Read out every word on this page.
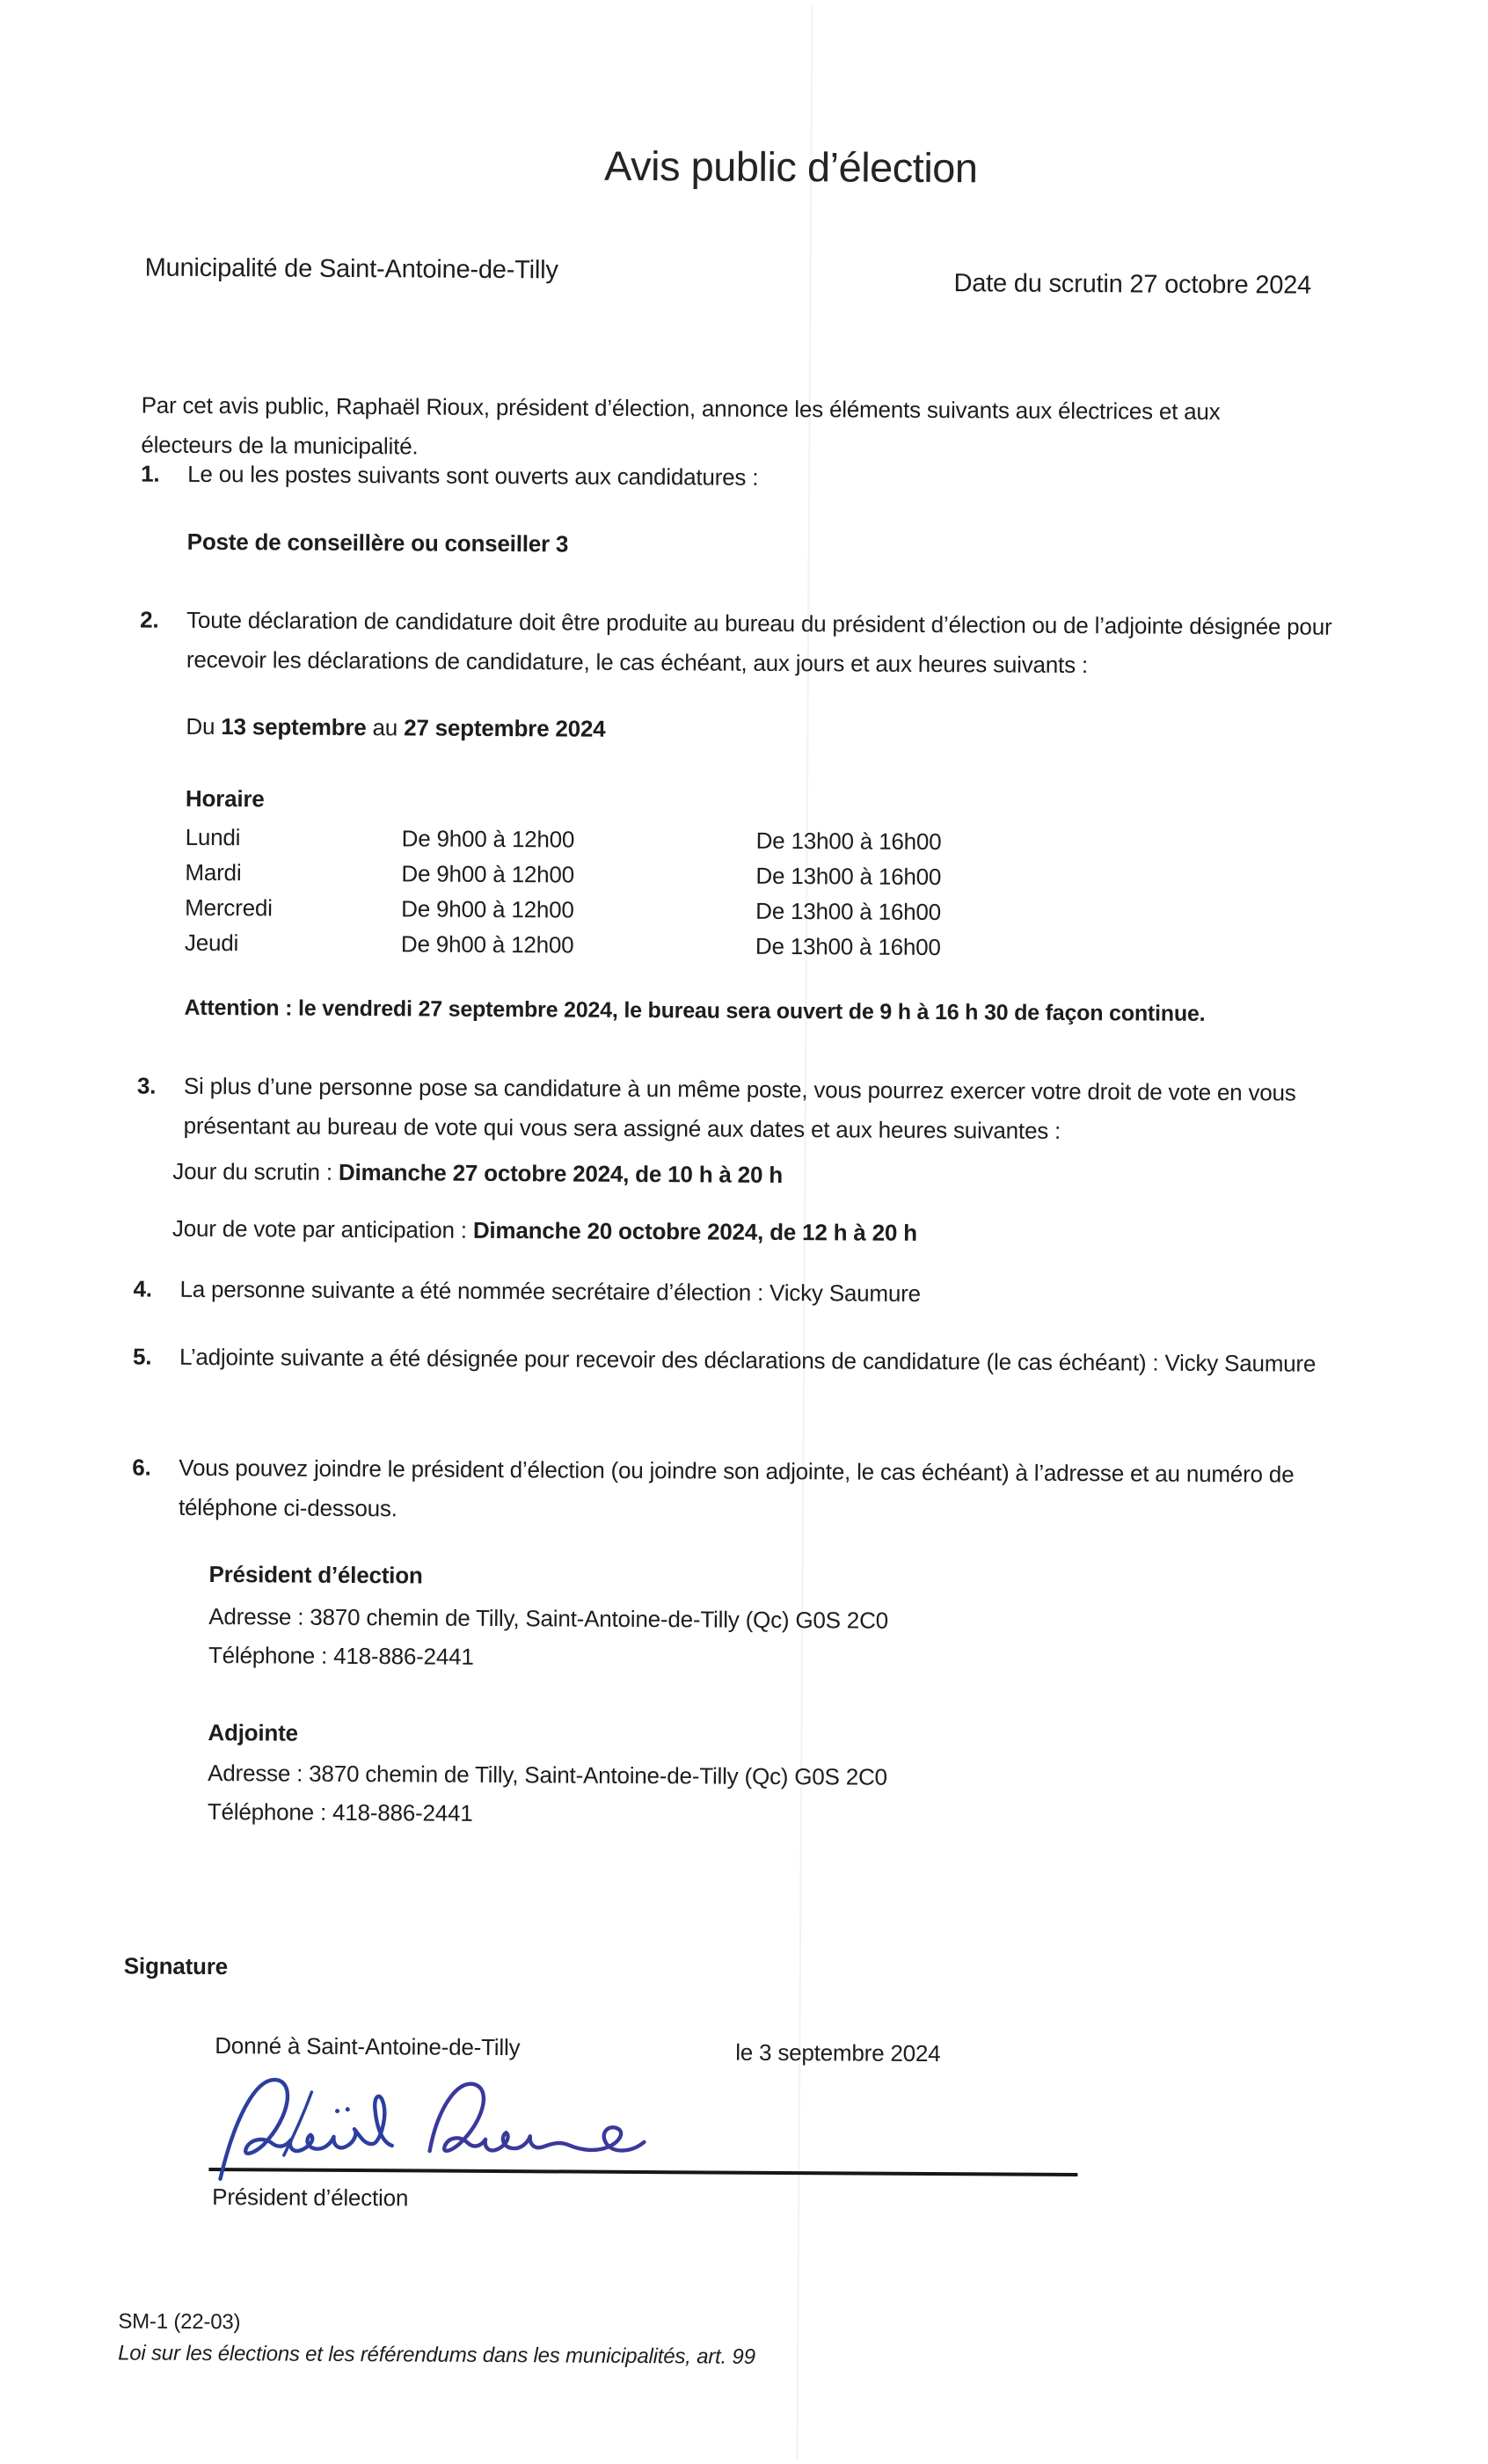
Avis public d’élection
Municipalité de Saint-Antoine-de-Tilly	Date du scrutin 27 octobre 2024

Par cet avis public, Raphaël Rioux, président d’élection, annonce les éléments suivants aux électrices et aux électeurs de la municipalité.

1.	Le ou les postes suivants sont ouverts aux candidatures :
Poste de conseillère ou conseiller 3
2.	Toute déclaration de candidature doit être produite au bureau du président d’élection ou de l’adjointe désignée pour recevoir les déclarations de candidature, le cas échéant, aux jours et aux heures suivants :
Du 13 septembre au 27 septembre 2024
Horaire
Lundi	De 9h00 à 12h00	De 13h00 à 16h00
Mardi	De 9h00 à 12h00	De 13h00 à 16h00
Mercredi	De 9h00 à 12h00	De 13h00 à 16h00
Jeudi	De 9h00 à 12h00	De 13h00 à 16h00
Attention : le vendredi 27 septembre 2024, le bureau sera ouvert de 9 h à 16 h 30 de façon continue.
3.	Si plus d’une personne pose sa candidature à un même poste, vous pourrez exercer votre droit de vote en vous présentant au bureau de vote qui vous sera assigné aux dates et aux heures suivantes :
Jour du scrutin : Dimanche 27 octobre 2024, de 10 h à 20 h
Jour de vote par anticipation : Dimanche 20 octobre 2024, de 12 h à 20 h
4.	La personne suivante a été nommée secrétaire d’élection : Vicky Saumure
5.	L’adjointe suivante a été désignée pour recevoir des déclarations de candidature (le cas échéant) : Vicky Saumure
6.	Vous pouvez joindre le président d’élection (ou joindre son adjointe, le cas échéant) à l’adresse et au numéro de téléphone ci-dessous.
Président d’élection
Adresse : 3870 chemin de Tilly, Saint-Antoine-de-Tilly (Qc) G0S 2C0
Téléphone : 418-886-2441
Adjointe
Adresse : 3870 chemin de Tilly, Saint-Antoine-de-Tilly (Qc) G0S 2C0
Téléphone : 418-886-2441
Signature
Donné à Saint-Antoine-de-Tilly	le 3 septembre 2024
Président d’élection
SM-1 (22-03)
Loi sur les élections et les référendums dans les municipalités, art. 99
